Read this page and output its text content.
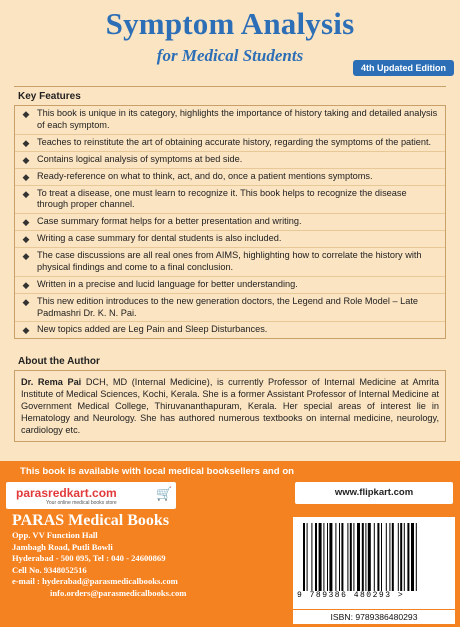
Symptom Analysis
for Medical Students
4th Updated Edition
Key Features
◆ This book is unique in its category, highlights the importance of history taking and detailed analysis of each symptom.
◆ Teaches to reinstitute the art of obtaining accurate history, regarding the symptoms of the patient.
◆ Contains logical analysis of symptoms at bed side.
◆ Ready-reference on what to think, act, and do, once a patient mentions symptoms.
◆ To treat a disease, one must learn to recognize it. This book helps to recognize the disease through proper channel.
◆ Case summary format helps for a better presentation and writing.
◆ Writing a case summary for dental students is also included.
◆ The case discussions are all real ones from AIMS, highlighting how to correlate the history with physical findings and come to a final conclusion.
◆ Written in a precise and lucid language for better understanding.
◆ This new edition introduces to the new generation doctors, the Legend and Role Model – Late Padmashri Dr. K. N. Pai.
◆ New topics added are Leg Pain and Sleep Disturbances.
About the Author
Dr. Rema Pai DCH, MD (Internal Medicine), is currently Professor of Internal Medicine at Amrita Institute of Medical Sciences, Kochi, Kerala. She is a former Assistant Professor of Internal Medicine at Government Medical College, Thiruvananthapuram, Kerala. Her special areas of interest lie in Hematology and Neurology. She has authored numerous textbooks on internal medicine, neurology, cardiology etc.
This book is available with local medical booksellers and on
parasredkart.com
Your online medical books store
🛒	www.flipkart.com
PARAS Medical Books
Opp. VV Function Hall
Jambagh Road, Putli Bowli
Hyderabad - 500 095, Tel : 040 - 24600869
Cell No. 9348052516
e-mail : hyderabad@parasmedicalbooks.com
info.orders@parasmedicalbooks.com	9 789386 480293 >
ISBN: 9789386480293
